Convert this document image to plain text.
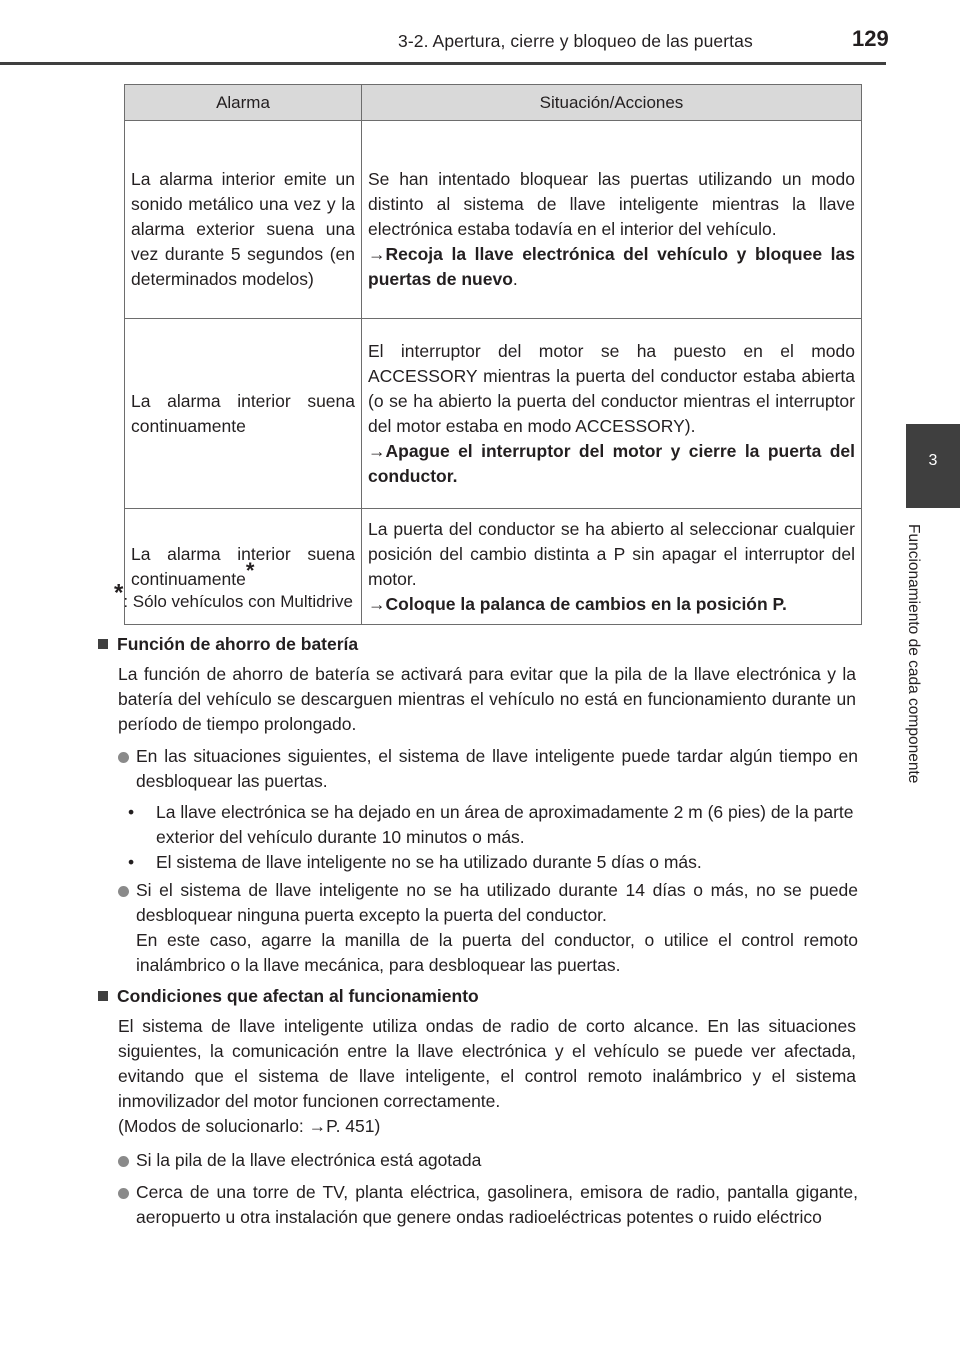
3-2. Apertura, cierre y bloqueo de las puertas	129
3
Funcionamiento de cada componente
Alarma	Situación/Acciones
La alarma interior emite un sonido metálico una vez y la alarma exterior suena una vez durante 5 segundos (en determinados modelos)	Se han intentado bloquear las puertas utilizando un modo distinto al sistema de llave inteligente mientras la llave electrónica estaba todavía en el interior del vehículo.
→Recoja la llave electrónica del vehículo y bloquee las puertas de nuevo.

La alarma interior suena continuamente	El interruptor del motor se ha puesto en el modo ACCESSORY mientras la puerta del conductor estaba abierta (o se ha abierto la puerta del conductor mientras el interruptor del motor estaba en modo ACCESSORY).
→Apague el interruptor del motor y cierre la puerta del conductor.

La alarma interior suena continuamente*	La puerta del conductor se ha abierto al seleccionar cualquier posición del cambio distinta a P sin apagar el interruptor del motor.
→Coloque la palanca de cambios en la posición P.
*: Sólo vehículos con Multidrive
Función de ahorro de batería
La función de ahorro de batería se activará para evitar que la pila de la llave electrónica y la batería del vehículo se descarguen mientras el vehículo no está en funcionamiento durante un período de tiempo prolongado.
En las situaciones siguientes, el sistema de llave inteligente puede tardar algún tiempo en desbloquear las puertas.
• La llave electrónica se ha dejado en un área de aproximadamente 2 m (6 pies) de la parte exterior del vehículo durante 10 minutos o más.
• El sistema de llave inteligente no se ha utilizado durante 5 días o más.
Si el sistema de llave inteligente no se ha utilizado durante 14 días o más, no se puede desbloquear ninguna puerta excepto la puerta del conductor.
En este caso, agarre la manilla de la puerta del conductor, o utilice el control remoto inalámbrico o la llave mecánica, para desbloquear las puertas.
Condiciones que afectan al funcionamiento
El sistema de llave inteligente utiliza ondas de radio de corto alcance. En las situaciones siguientes, la comunicación entre la llave electrónica y el vehículo se puede ver afectada, evitando que el sistema de llave inteligente, el control remoto inalámbrico y el sistema inmovilizador del motor funcionen correctamente.
(Modos de solucionarlo: →P. 451)
Si la pila de la llave electrónica está agotada
Cerca de una torre de TV, planta eléctrica, gasolinera, emisora de radio, pantalla gigante, aeropuerto u otra instalación que genere ondas radioeléctricas potentes o ruido eléctrico
